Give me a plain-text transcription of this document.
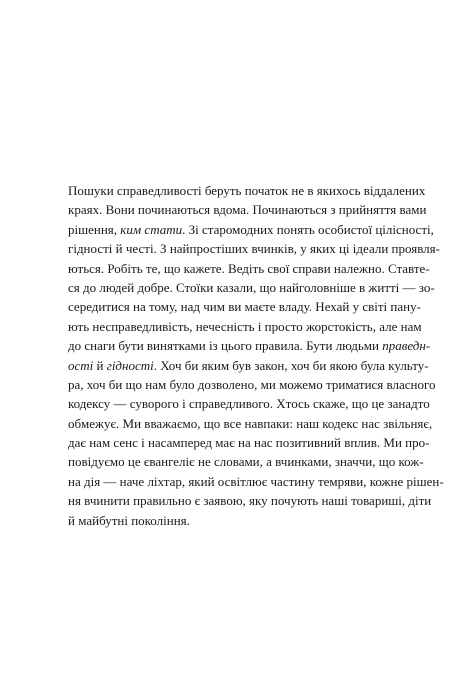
Пошуки справедливості беруть початок не в якихось віддалених
краях. Вони починаються вдома. Починаються з прийняття вами
рішення, ким стати. Зі старомодних понять особистої цілісності,
гідності й честі. З найпростіших вчинків, у яких ці ідеали проявля-
ються. Робіть те, що кажете. Ведіть свої справи належно. Ставте-
ся до людей добре. Стоїки казали, що найголовніше в житті — зо-
середитися на тому, над чим ви маєте владу. Нехай у світі пану-
ють несправедливість, нечесність і просто жорстокість, але нам
до снаги бути винятками із цього правила. Бути людьми праведн-
ості й гідності. Хоч би яким був закон, хоч би якою була культу-
ра, хоч би що нам було дозволено, ми можемо триматися власного
кодексу — суворого і справедливого. Хтось скаже, що це занадто
обмежує. Ми вважаємо, що все навпаки: наш кодекс нас звільняє,
дає нам сенс і насамперед має на нас позитивний вплив. Ми про-
повідуємо це євангеліє не словами, а вчинками, значчи, що кож-
на дія — наче ліхтар, який освітлює частину темряви, кожне рішен-
ня вчинити правильно є заявою, яку почують наші товариші, діти
й майбутні покоління.
